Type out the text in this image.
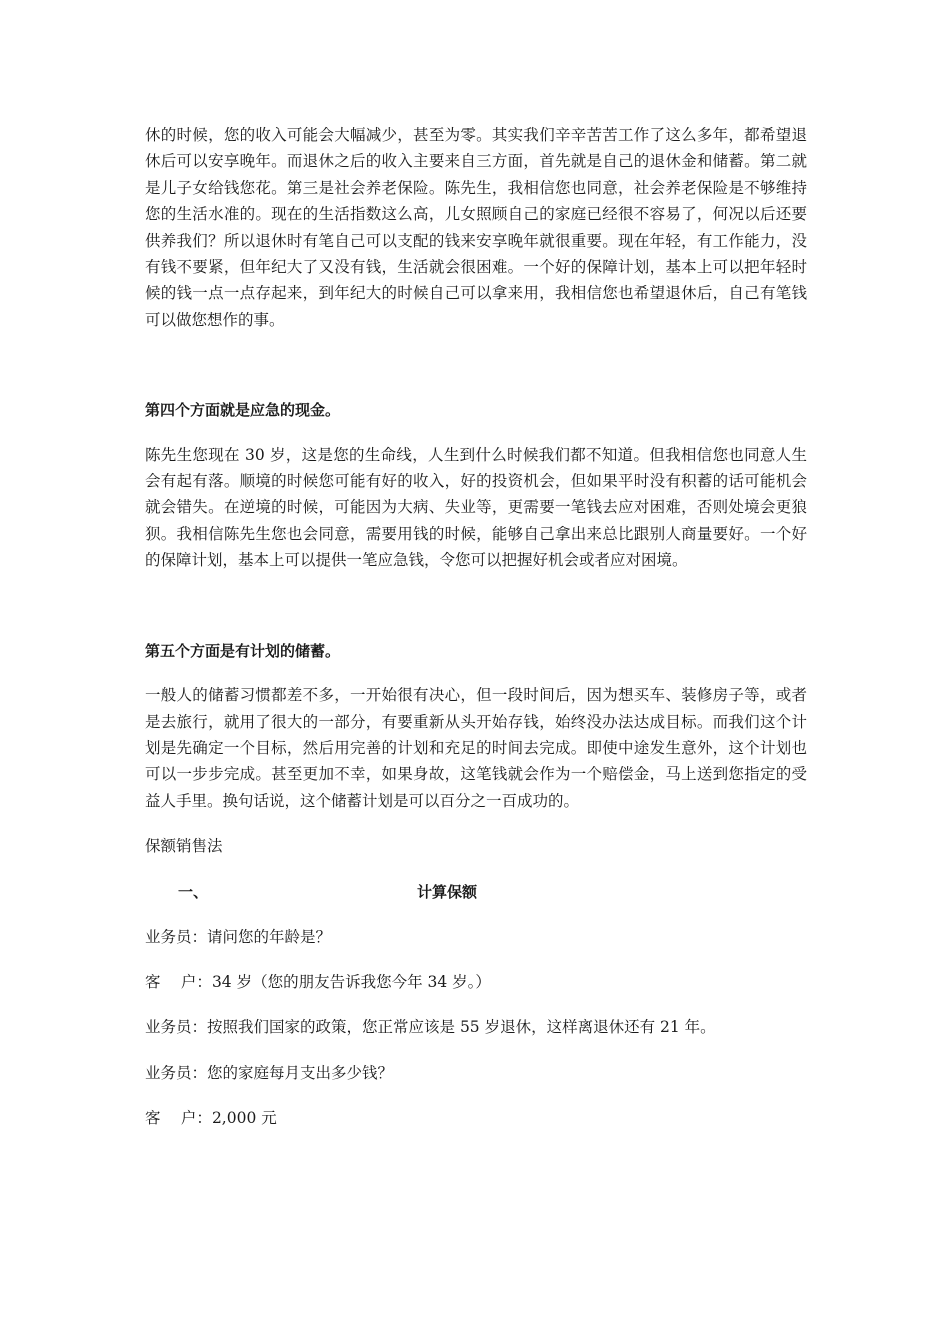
休的时候，您的收入可能会大幅减少，甚至为零。其实我们辛辛苦苦工作了这么多年，都希望退休后可以安享晚年。而退休之后的收入主要来自三方面，首先就是自己的退休金和储蓄。第二就是儿子女给钱您花。第三是社会养老保险。陈先生，我相信您也同意，社会养老保险是不够维持您的生活水准的。现在的生活指数这么高，儿女照顾自己的家庭已经很不容易了，何况以后还要供养我们？所以退休时有笔自己可以支配的钱来安享晚年就很重要。现在年轻，有工作能力，没有钱不要紧，但年纪大了又没有钱，生活就会很困难。一个好的保障计划，基本上可以把年轻时候的钱一点一点存起来，到年纪大的时候自己可以拿来用，我相信您也希望退休后，自己有笔钱可以做您想作的事。

第四个方面就是应急的现金。

陈先生您现在 30 岁，这是您的生命线，人生到什么时候我们都不知道。但我相信您也同意人生会有起有落。顺境的时候您可能有好的收入，好的投资机会，但如果平时没有积蓄的话可能机会就会错失。在逆境的时候，可能因为大病、失业等，更需要一笔钱去应对困难，否则处境会更狼狈。我相信陈先生您也会同意，需要用钱的时候，能够自己拿出来总比跟别人商量要好。一个好的保障计划，基本上可以提供一笔应急钱，令您可以把握好机会或者应对困境。

第五个方面是有计划的储蓄。

一般人的储蓄习惯都差不多，一开始很有决心，但一段时间后，因为想买车、装修房子等，或者是去旅行，就用了很大的一部分，有要重新从头开始存钱，始终没办法达成目标。而我们这个计划是先确定一个目标，然后用完善的计划和充足的时间去完成。即使中途发生意外，这个计划也可以一步步完成。甚至更加不幸，如果身故，这笔钱就会作为一个赔偿金，马上送到您指定的受益人手里。换句话说，这个储蓄计划是可以百分之一百成功的。

保额销售法

一、	计算保额

业务员：请问您的年龄是？

客　 户：34 岁（您的朋友告诉我您今年 34 岁。）

业务员：按照我们国家的政策，您正常应该是 55 岁退休，这样离退休还有 21 年。

业务员：您的家庭每月支出多少钱？

客　 户：2,000 元
